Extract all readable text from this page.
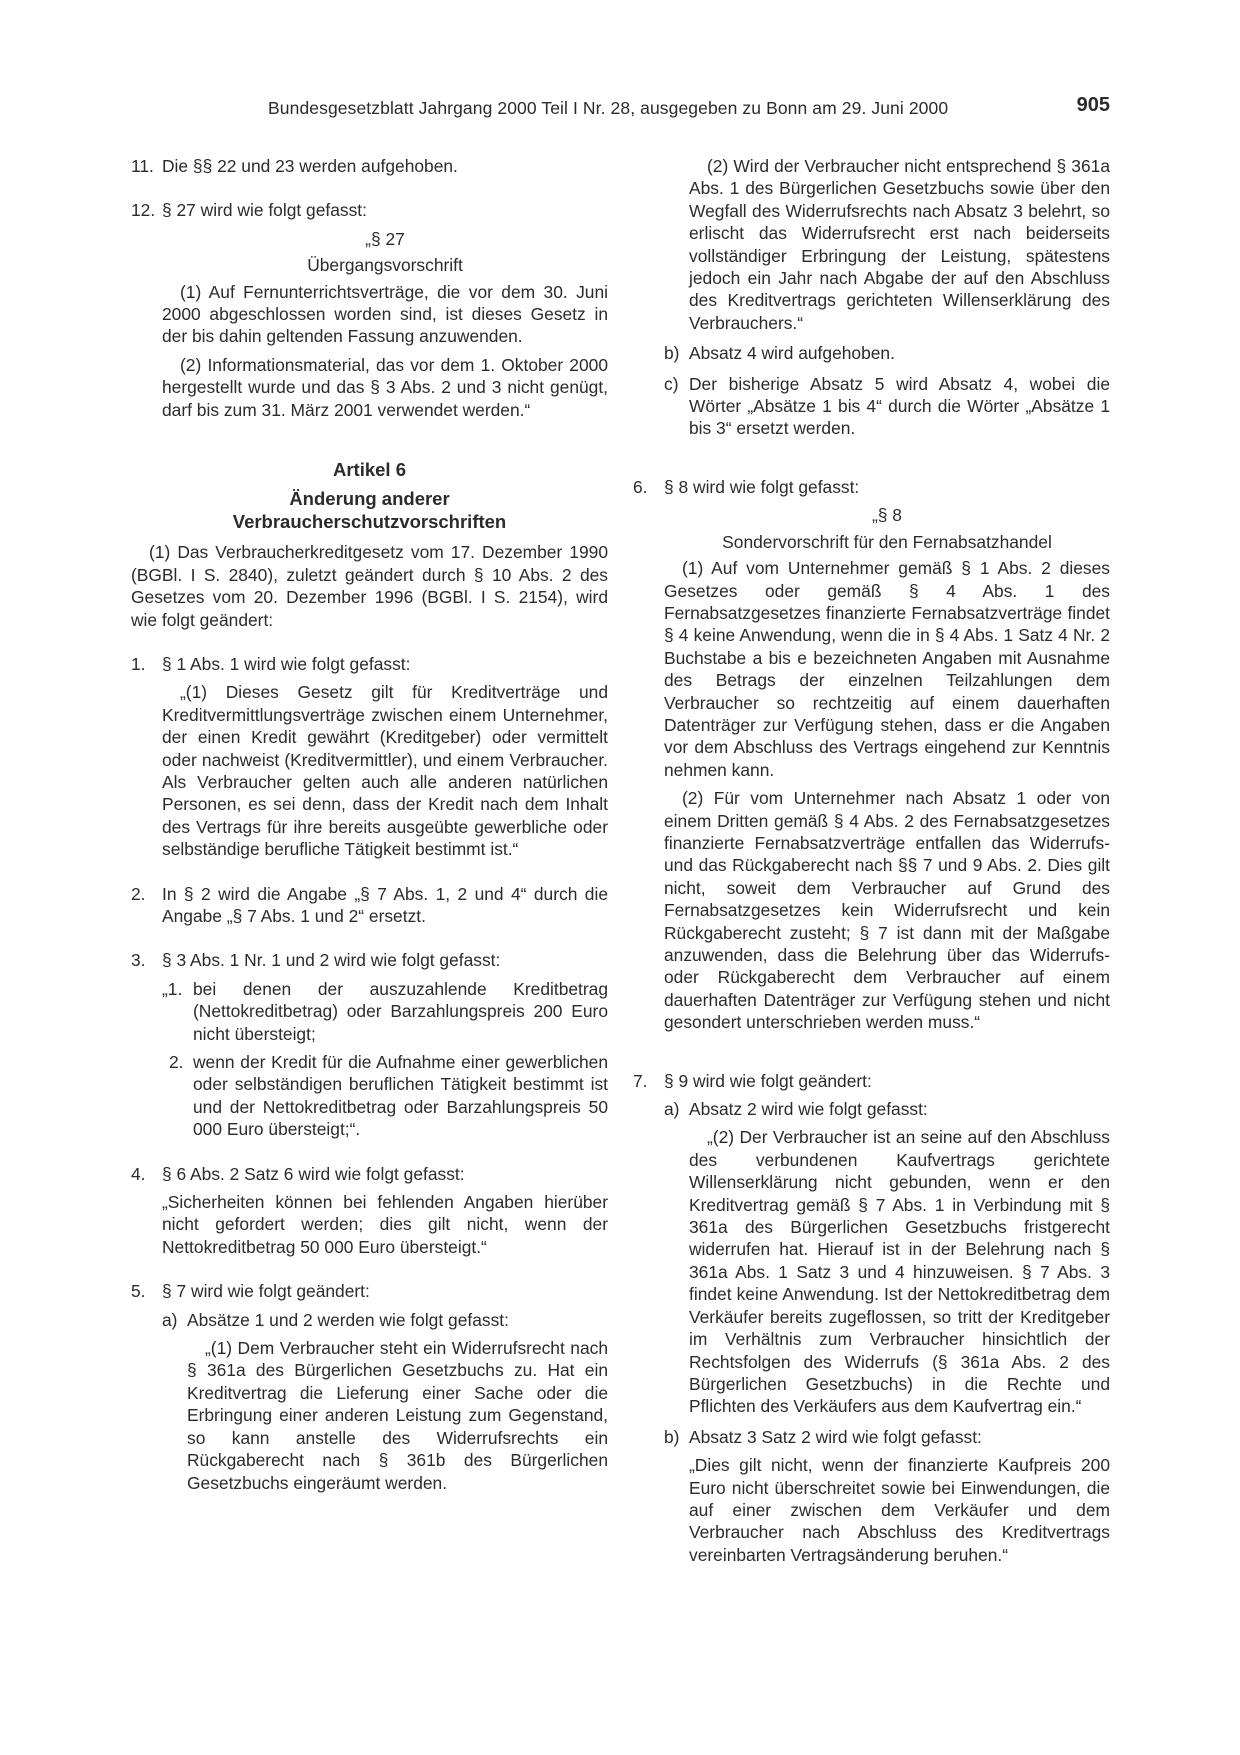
Bundesgesetzblatt Jahrgang 2000 Teil I Nr. 28, ausgegeben zu Bonn am 29. Juni 2000	905
11. Die §§ 22 und 23 werden aufgehoben.

12. § 27 wird wie folgt gefasst:

„§ 27

Übergangsvorschrift

(1) Auf Fernunterrichtsverträge, die vor dem 30. Juni 2000 abgeschlossen worden sind, ist dieses Gesetz in der bis dahin geltenden Fassung anzuwenden.

(2) Informationsmaterial, das vor dem 1. Oktober 2000 hergestellt wurde und das § 3 Abs. 2 und 3 nicht genügt, darf bis zum 31. März 2001 verwendet werden.“

Artikel 6

Änderung anderer

Verbraucherschutzvorschriften

(1) Das Verbraucherkreditgesetz vom 17. Dezember 1990 (BGBl. I S. 2840), zuletzt geändert durch § 10 Abs. 2 des Gesetzes vom 20. Dezember 1996 (BGBl. I S. 2154), wird wie folgt geändert:

1. § 1 Abs. 1 wird wie folgt gefasst:

„(1) Dieses Gesetz gilt für Kreditverträge und Kreditvermittlungsverträge zwischen einem Unternehmer, der einen Kredit gewährt (Kreditgeber) oder vermittelt oder nachweist (Kreditvermittler), und einem Verbraucher. Als Verbraucher gelten auch alle anderen natürlichen Personen, es sei denn, dass der Kredit nach dem Inhalt des Vertrags für ihre bereits ausgeübte gewerbliche oder selbständige berufliche Tätigkeit bestimmt ist.“

2. In § 2 wird die Angabe „§ 7 Abs. 1, 2 und 4“ durch die Angabe „§ 7 Abs. 1 und 2“ ersetzt.

3. § 3 Abs. 1 Nr. 1 und 2 wird wie folgt gefasst:

„1. bei denen der auszuzahlende Kreditbetrag (Nettokreditbetrag) oder Barzahlungspreis 200 Euro nicht übersteigt;

2. wenn der Kredit für die Aufnahme einer gewerblichen oder selbständigen beruflichen Tätigkeit bestimmt ist und der Nettokreditbetrag oder Barzahlungspreis 50 000 Euro übersteigt;“.

4. § 6 Abs. 2 Satz 6 wird wie folgt gefasst:

„Sicherheiten können bei fehlenden Angaben hierüber nicht gefordert werden; dies gilt nicht, wenn der Nettokreditbetrag 50 000 Euro übersteigt.“

5. § 7 wird wie folgt geändert:

a) Absätze 1 und 2 werden wie folgt gefasst:

„(1) Dem Verbraucher steht ein Widerrufsrecht nach § 361a des Bürgerlichen Gesetzbuchs zu. Hat ein Kreditvertrag die Lieferung einer Sache oder die Erbringung einer anderen Leistung zum Gegenstand, so kann anstelle des Widerrufsrechts ein Rückgaberecht nach § 361b des Bürgerlichen Gesetzbuchs eingeräumt werden.

(2) Wird der Verbraucher nicht entsprechend § 361a Abs. 1 des Bürgerlichen Gesetzbuchs sowie über den Wegfall des Widerrufsrechts nach Absatz 3 belehrt, so erlischt das Widerrufsrecht erst nach beiderseits vollständiger Erbringung der Leistung, spätestens jedoch ein Jahr nach Abgabe der auf den Abschluss des Kreditvertrags gerichteten Willenserklärung des Verbrauchers.“

b) Absatz 4 wird aufgehoben.

c) Der bisherige Absatz 5 wird Absatz 4, wobei die Wörter „Absätze 1 bis 4“ durch die Wörter „Absätze 1 bis 3“ ersetzt werden.

6. § 8 wird wie folgt gefasst:

„§ 8

Sondervorschrift für den Fernabsatzhandel

(1) Auf vom Unternehmer gemäß § 1 Abs. 2 dieses Gesetzes oder gemäß § 4 Abs. 1 des Fernabsatzgesetzes finanzierte Fernabsatzverträge findet § 4 keine Anwendung, wenn die in § 4 Abs. 1 Satz 4 Nr. 2 Buchstabe a bis e bezeichneten Angaben mit Ausnahme des Betrags der einzelnen Teilzahlungen dem Verbraucher so rechtzeitig auf einem dauerhaften Datenträger zur Verfügung stehen, dass er die Angaben vor dem Abschluss des Vertrags eingehend zur Kenntnis nehmen kann.

(2) Für vom Unternehmer nach Absatz 1 oder von einem Dritten gemäß § 4 Abs. 2 des Fernabsatzgesetzes finanzierte Fernabsatzverträge entfallen das Widerrufs- und das Rückgaberecht nach §§ 7 und 9 Abs. 2. Dies gilt nicht, soweit dem Verbraucher auf Grund des Fernabsatzgesetzes kein Widerrufsrecht und kein Rückgaberecht zusteht; § 7 ist dann mit der Maßgabe anzuwenden, dass die Belehrung über das Widerrufs- oder Rückgaberecht dem Verbraucher auf einem dauerhaften Datenträger zur Verfügung stehen und nicht gesondert unterschrieben werden muss.“

7. § 9 wird wie folgt geändert:

a) Absatz 2 wird wie folgt gefasst:

„(2) Der Verbraucher ist an seine auf den Abschluss des verbundenen Kaufvertrags gerichtete Willenserklärung nicht gebunden, wenn er den Kreditvertrag gemäß § 7 Abs. 1 in Verbindung mit § 361a des Bürgerlichen Gesetzbuchs fristgerecht widerrufen hat. Hierauf ist in der Belehrung nach § 361a Abs. 1 Satz 3 und 4 hinzuweisen. § 7 Abs. 3 findet keine Anwendung. Ist der Nettokreditbetrag dem Verkäufer bereits zugeflossen, so tritt der Kreditgeber im Verhältnis zum Verbraucher hinsichtlich der Rechtsfolgen des Widerrufs (§ 361a Abs. 2 des Bürgerlichen Gesetzbuchs) in die Rechte und Pflichten des Verkäufers aus dem Kaufvertrag ein.“

b) Absatz 3 Satz 2 wird wie folgt gefasst:

„Dies gilt nicht, wenn der finanzierte Kaufpreis 200 Euro nicht überschreitet sowie bei Einwendungen, die auf einer zwischen dem Verkäufer und dem Verbraucher nach Abschluss des Kreditvertrags vereinbarten Vertragsänderung beruhen.“
